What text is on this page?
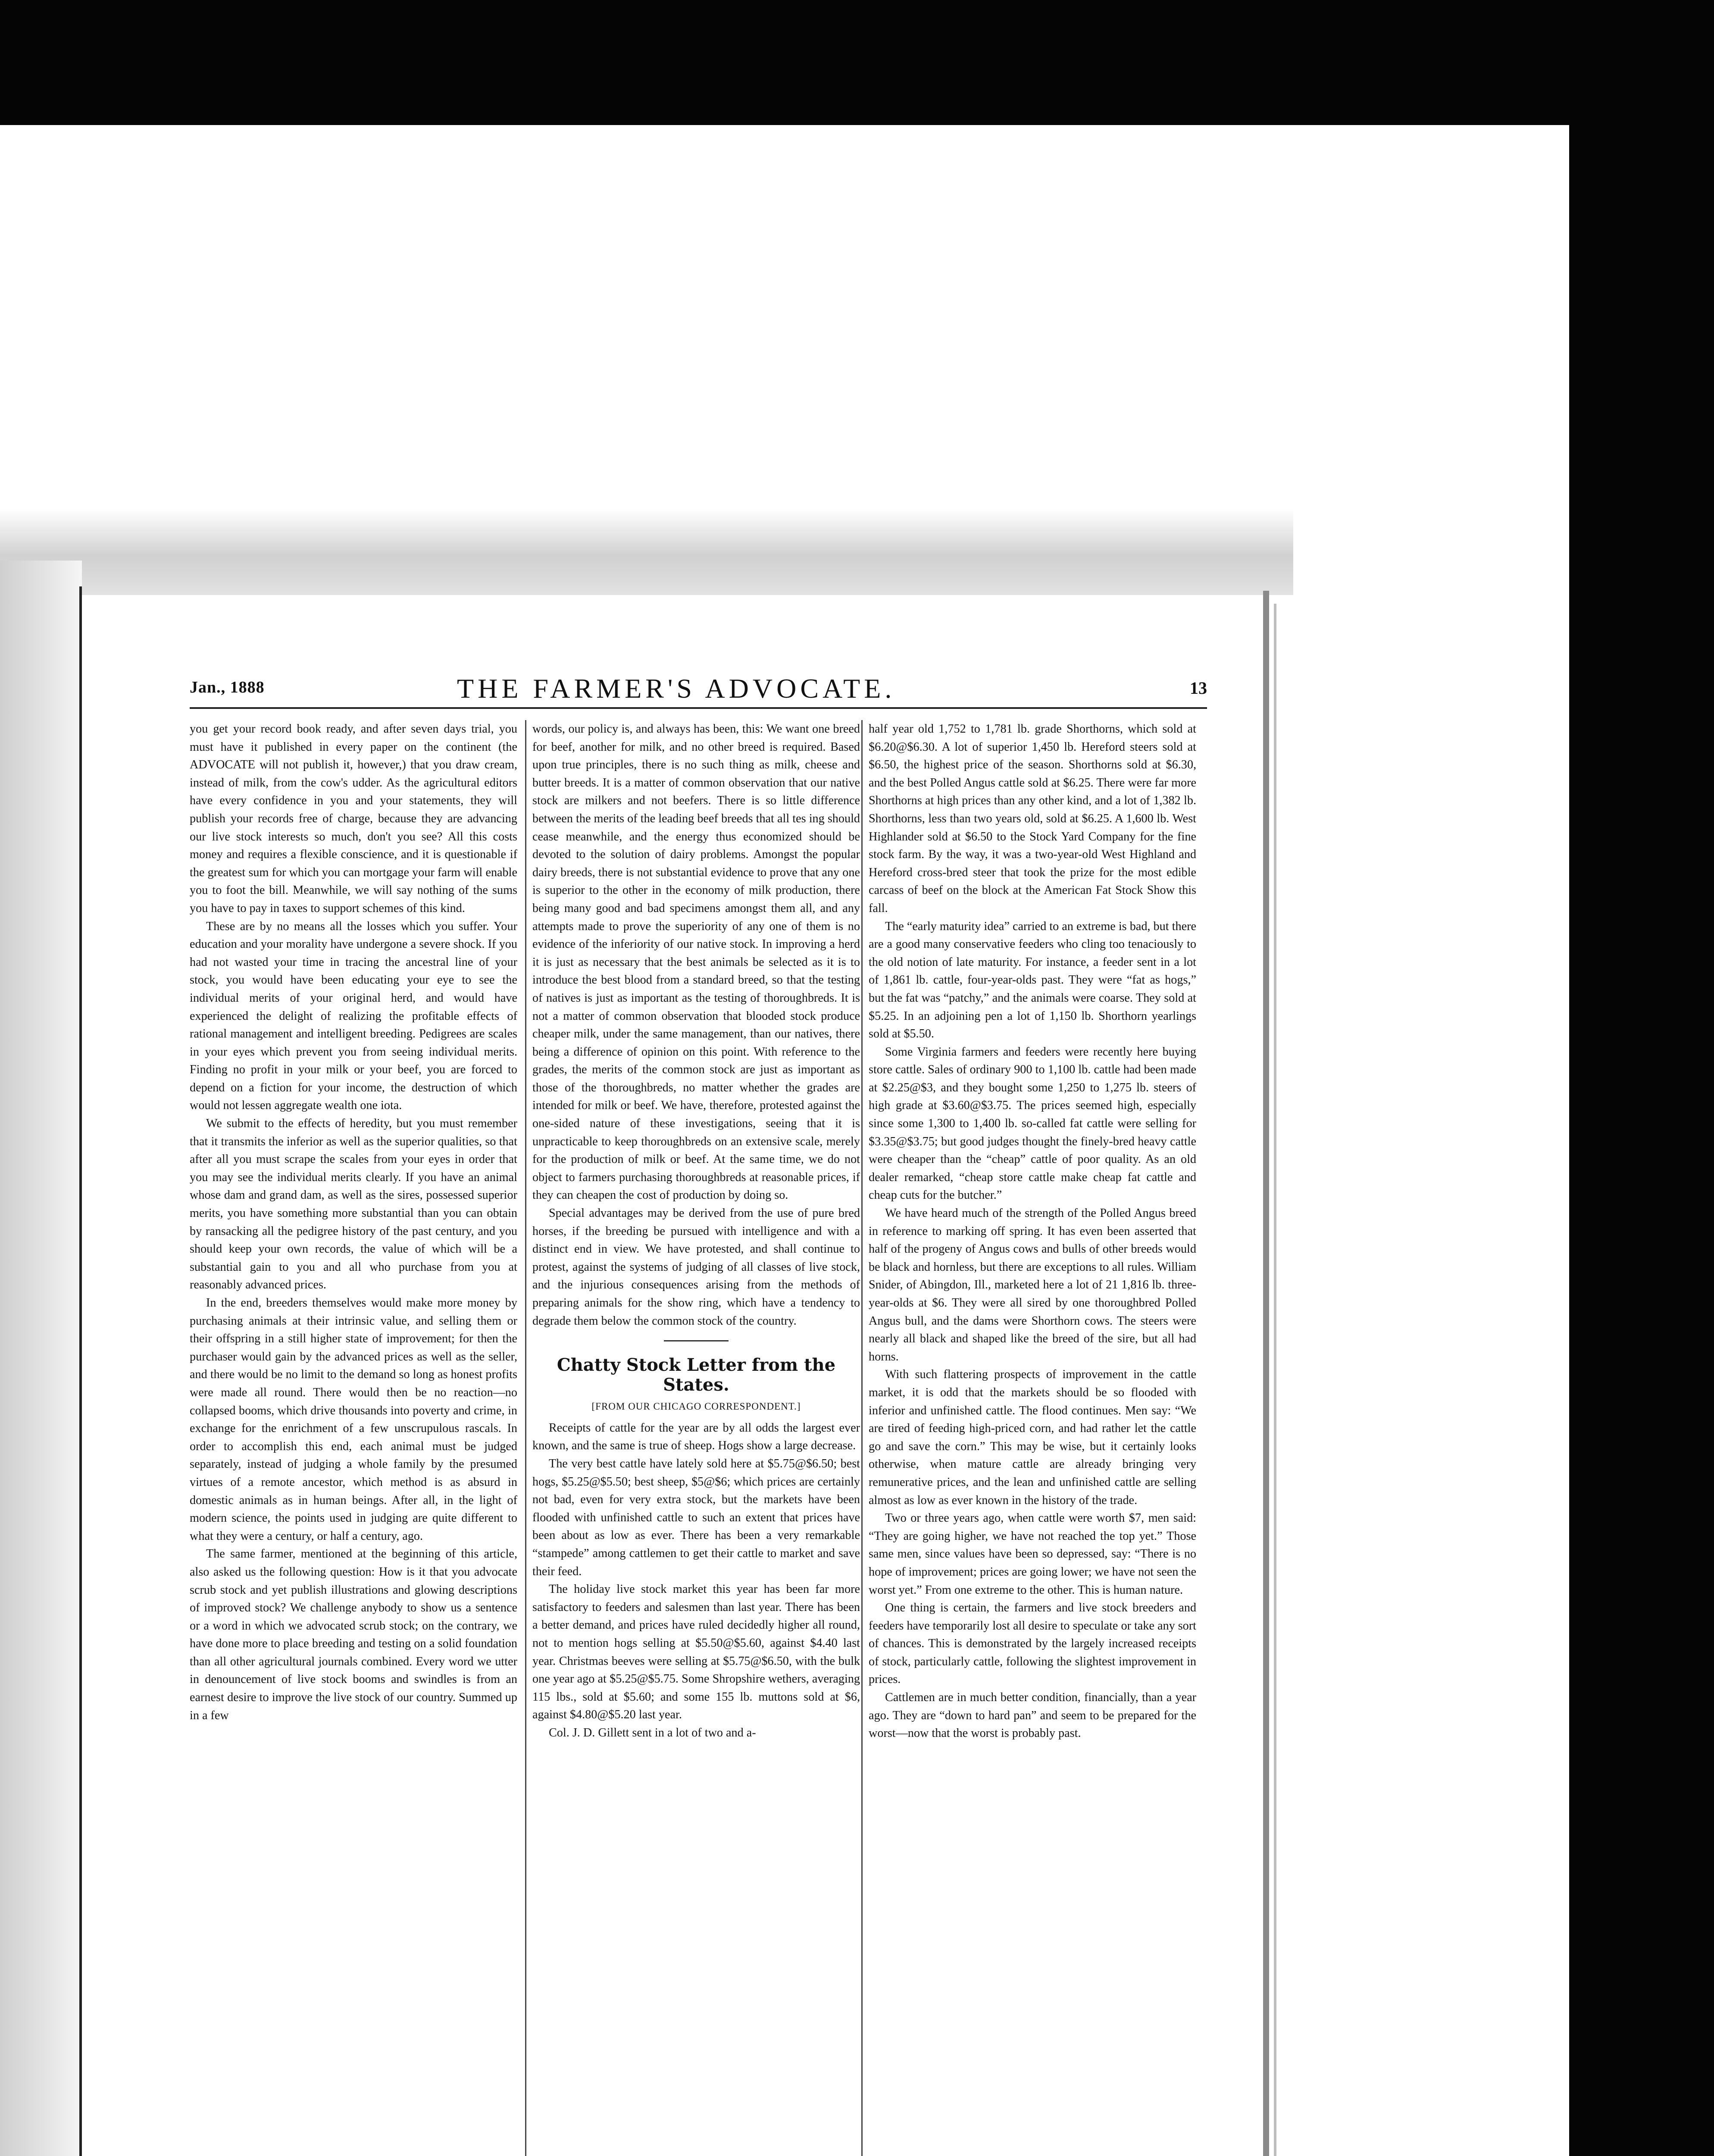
Jan., 1888	THE FARMER'S ADVOCATE.	13

you get your record book ready, and after seven days trial, you must have it published in every paper on the continent (the ADVOCATE will not publish it, however,) that you draw cream, instead of milk, from the cow's udder. As the agricultural editors have every confidence in you and your statements, they will publish your records free of charge, because they are advancing our live stock interests so much, don't you see? All this costs money and requires a flexible conscience, and it is questionable if the greatest sum for which you can mortgage your farm will enable you to foot the bill. Meanwhile, we will say nothing of the sums you have to pay in taxes to support schemes of this kind.

These are by no means all the losses which you suffer. Your education and your morality have undergone a severe shock. If you had not wasted your time in tracing the ancestral line of your stock, you would have been educating your eye to see the individual merits of your original herd, and would have experienced the delight of realizing the profitable effects of rational management and intelligent breeding. Pedigrees are scales in your eyes which prevent you from seeing individual merits. Finding no profit in your milk or your beef, you are forced to depend on a fiction for your income, the destruction of which would not lessen aggregate wealth one iota.

We submit to the effects of heredity, but you must remember that it transmits the inferior as well as the superior qualities, so that after all you must scrape the scales from your eyes in order that you may see the individual merits clearly. If you have an animal whose dam and grand dam, as well as the sires, possessed superior merits, you have something more substantial than you can obtain by ransacking all the pedigree history of the past century, and you should keep your own records, the value of which will be a substantial gain to you and all who purchase from you at reasonably advanced prices.

In the end, breeders themselves would make more money by purchasing animals at their intrinsic value, and selling them or their offspring in a still higher state of improvement; for then the purchaser would gain by the advanced prices as well as the seller, and there would be no limit to the demand so long as honest profits were made all round. There would then be no reaction—no collapsed booms, which drive thousands into poverty and crime, in exchange for the enrichment of a few unscrupulous rascals. In order to accomplish this end, each animal must be judged separately, instead of judging a whole family by the presumed virtues of a remote ancestor, which method is as absurd in domestic animals as in human beings. After all, in the light of modern science, the points used in judging are quite different to what they were a century, or half a century, ago.

The same farmer, mentioned at the beginning of this article, also asked us the following question: How is it that you advocate scrub stock and yet publish illustrations and glowing descriptions of improved stock? We challenge anybody to show us a sentence or a word in which we advocated scrub stock; on the contrary, we have done more to place breeding and testing on a solid foundation than all other agricultural journals combined. Every word we utter in denouncement of live stock booms and swindles is from an earnest desire to improve the live stock of our country. Summed up in a few

words, our policy is, and always has been, this: We want one breed for beef, another for milk, and no other breed is required. Based upon true principles, there is no such thing as milk, cheese and butter breeds. It is a matter of common observation that our native stock are milkers and not beefers. There is so little difference between the merits of the leading beef breeds that all tes ing should cease meanwhile, and the energy thus economized should be devoted to the solution of dairy problems. Amongst the popular dairy breeds, there is not substantial evidence to prove that any one is superior to the other in the economy of milk production, there being many good and bad specimens amongst them all, and any attempts made to prove the superiority of any one of them is no evidence of the inferiority of our native stock. In improving a herd it is just as necessary that the best animals be selected as it is to introduce the best blood from a standard breed, so that the testing of natives is just as important as the testing of thoroughbreds. It is not a matter of common observation that blooded stock produce cheaper milk, under the same management, than our natives, there being a difference of opinion on this point. With reference to the grades, the merits of the common stock are just as important as those of the thoroughbreds, no matter whether the grades are intended for milk or beef. We have, therefore, protested against the one-sided nature of these investigations, seeing that it is unpracticable to keep thoroughbreds on an extensive scale, merely for the production of milk or beef. At the same time, we do not object to farmers purchasing thoroughbreds at reasonable prices, if they can cheapen the cost of production by doing so.

Special advantages may be derived from the use of pure bred horses, if the breeding be pursued with intelligence and with a distinct end in view. We have protested, and shall continue to protest, against the systems of judging of all classes of live stock, and the injurious consequences arising from the methods of preparing animals for the show ring, which have a tendency to degrade them below the common stock of the country.

Chatty Stock Letter from the States.
[FROM OUR CHICAGO CORRESPONDENT.]

Receipts of cattle for the year are by all odds the largest ever known, and the same is true of sheep. Hogs show a large decrease.

The very best cattle have lately sold here at $5.75@$6.50; best hogs, $5.25@$5.50; best sheep, $5@$6; which prices are certainly not bad, even for very extra stock, but the markets have been flooded with unfinished cattle to such an extent that prices have been about as low as ever. There has been a very remarkable “stampede” among cattlemen to get their cattle to market and save their feed.

The holiday live stock market this year has been far more satisfactory to feeders and salesmen than last year. There has been a better demand, and prices have ruled decidedly higher all round, not to mention hogs selling at $5.50@$5.60, against $4.40 last year. Christmas beeves were selling at $5.75@$6.50, with the bulk one year ago at $5.25@$5.75. Some Shropshire wethers, averaging 115 lbs., sold at $5.60; and some 155 lb. muttons sold at $6, against $4.80@$5.20 last year.

Col. J. D. Gillett sent in a lot of two and a-

half year old 1,752 to 1,781 lb. grade Shorthorns, which sold at $6.20@$6.30. A lot of superior 1,450 lb. Hereford steers sold at $6.50, the highest price of the season. Shorthorns sold at $6.30, and the best Polled Angus cattle sold at $6.25. There were far more Shorthorns at high prices than any other kind, and a lot of 1,382 lb. Shorthorns, less than two years old, sold at $6.25. A 1,600 lb. West Highlander sold at $6.50 to the Stock Yard Company for the fine stock farm. By the way, it was a two-year-old West Highland and Hereford cross-bred steer that took the prize for the most edible carcass of beef on the block at the American Fat Stock Show this fall.

The “early maturity idea” carried to an extreme is bad, but there are a good many conservative feeders who cling too tenaciously to the old notion of late maturity. For instance, a feeder sent in a lot of 1,861 lb. cattle, four-year-olds past. They were “fat as hogs,” but the fat was “patchy,” and the animals were coarse. They sold at $5.25. In an adjoining pen a lot of 1,150 lb. Shorthorn yearlings sold at $5.50.

Some Virginia farmers and feeders were recently here buying store cattle. Sales of ordinary 900 to 1,100 lb. cattle had been made at $2.25@$3, and they bought some 1,250 to 1,275 lb. steers of high grade at $3.60@$3.75. The prices seemed high, especially since some 1,300 to 1,400 lb. so-called fat cattle were selling for $3.35@$3.75; but good judges thought the finely-bred heavy cattle were cheaper than the “cheap” cattle of poor quality. As an old dealer remarked, “cheap store cattle make cheap fat cattle and cheap cuts for the butcher.”

We have heard much of the strength of the Polled Angus breed in reference to marking off spring. It has even been asserted that half of the progeny of Angus cows and bulls of other breeds would be black and hornless, but there are exceptions to all rules. William Snider, of Abingdon, Ill., marketed here a lot of 21 1,816 lb. three-year-olds at $6. They were all sired by one thoroughbred Polled Angus bull, and the dams were Shorthorn cows. The steers were nearly all black and shaped like the breed of the sire, but all had horns.

With such flattering prospects of improvement in the cattle market, it is odd that the markets should be so flooded with inferior and unfinished cattle. The flood continues. Men say: “We are tired of feeding high-priced corn, and had rather let the cattle go and save the corn.” This may be wise, but it certainly looks otherwise, when mature cattle are already bringing very remunerative prices, and the lean and unfinished cattle are selling almost as low as ever known in the history of the trade.

Two or three years ago, when cattle were worth $7, men said: “They are going higher, we have not reached the top yet.” Those same men, since values have been so depressed, say: “There is no hope of improvement; prices are going lower; we have not seen the worst yet.” From one extreme to the other. This is human nature.

One thing is certain, the farmers and live stock breeders and feeders have temporarily lost all desire to speculate or take any sort of chances. This is demonstrated by the largely increased receipts of stock, particularly cattle, following the slightest improvement in prices.

Cattlemen are in much better condition, financially, than a year ago. They are “down to hard pan” and seem to be prepared for the worst—now that the worst is probably past.
